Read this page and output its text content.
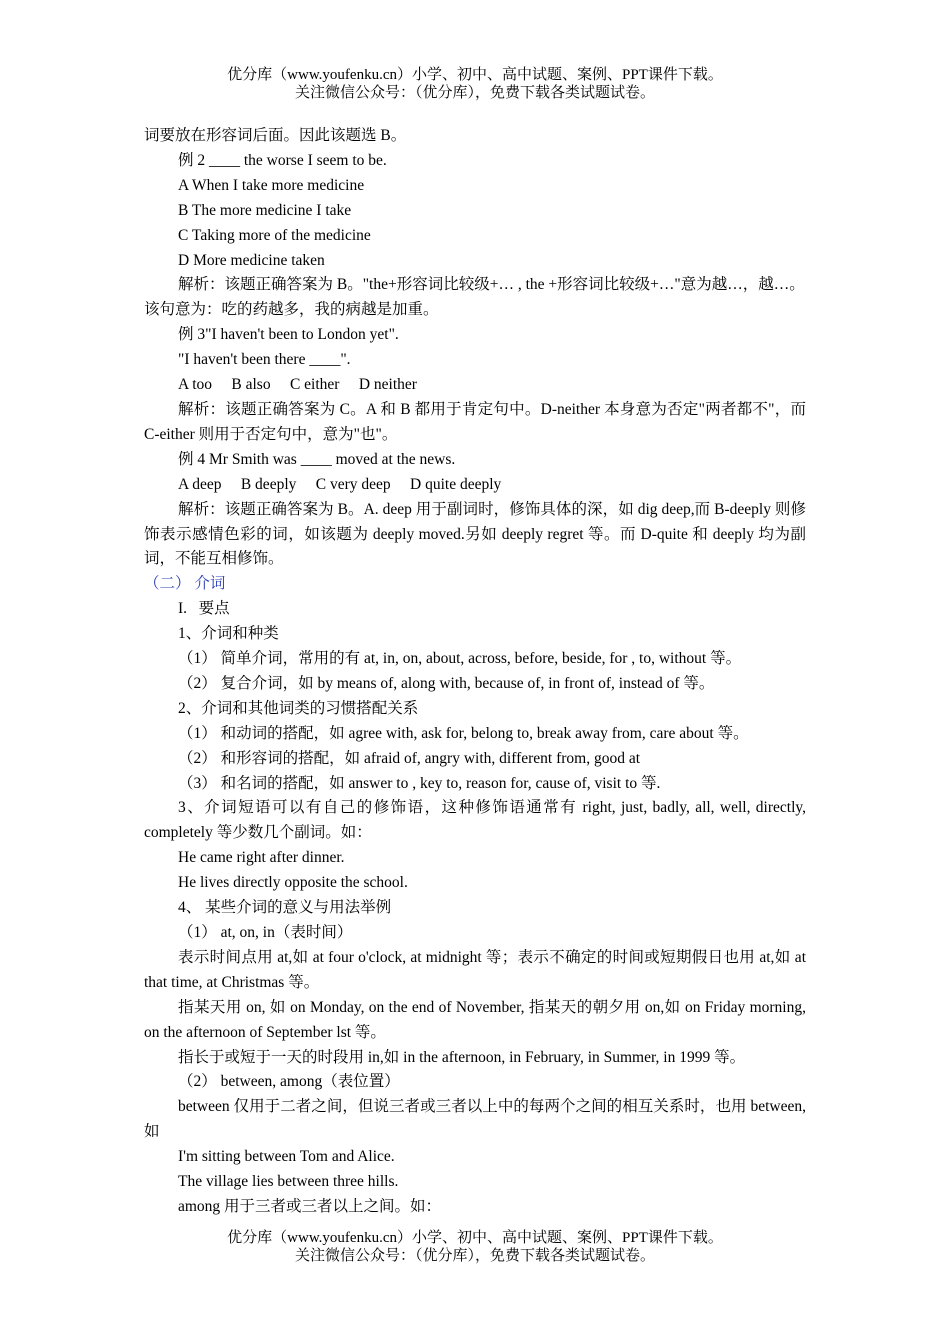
优分库（www.youfenku.cn）小学、初中、高中试题、案例、PPT课件下载。
关注微信公众号：（优分库），免费下载各类试题试卷。

词要放在形容词后面。因此该题选 B。

例 2 ____ the worse I seem to be.

A When I take more medicine

B The more medicine I take

C Taking more of the medicine

D More medicine taken

解析：该题正确答案为 B。"the+形容词比较级+… , the +形容词比较级+…"意为越…，越…。该句意为：吃的药越多，我的病越是加重。

例 3"I haven't been to London yet".

"I haven't been there ____".

A too     B also     C either     D neither

解析：该题正确答案为 C。A 和 B 都用于肯定句中。D-neither 本身意为否定"两者都不"，而 C-either 则用于否定句中，意为"也"。

例 4 Mr Smith was ____ moved at the news.

A deep     B deeply     C very deep     D quite deeply

解析：该题正确答案为 B。A. deep 用于副词时，修饰具体的深，如 dig deep,而 B-deeply 则修饰表示感情色彩的词，如该题为 deeply moved.另如 deeply regret 等。而 D-quite 和 deeply 均为副词，不能互相修饰。

（二） 介词

I.   要点

1、介词和种类

（1） 简单介词，常用的有 at, in, on, about, across, before, beside, for , to, without 等。

（2） 复合介词，如 by means of, along with, because of, in front of, instead of 等。

2、介词和其他词类的习惯搭配关系

（1） 和动词的搭配，如 agree with, ask for, belong to, break away from, care about 等。

（2） 和形容词的搭配，如 afraid of, angry with, different from, good at

（3） 和名词的搭配，如 answer to , key to, reason for, cause of, visit to 等.

3、介词短语可以有自己的修饰语，这种修饰语通常有 right, just, badly, all, well, directly, completely 等少数几个副词。如：

He came right after dinner.

He lives directly opposite the school.

4、 某些介词的意义与用法举例

（1） at, on, in（表时间）

表示时间点用 at,如 at four o'clock, at midnight 等；表示不确定的时间或短期假日也用 at,如 at that time, at Christmas 等。

指某天用 on, 如 on Monday, on the end of November, 指某天的朝夕用 on,如 on Friday morning, on the afternoon of September lst 等。

指长于或短于一天的时段用 in,如 in the afternoon, in February, in Summer, in 1999 等。

（2） between, among（表位置）

between 仅用于二者之间，但说三者或三者以上中的每两个之间的相互关系时，也用 between, 如

I'm sitting between Tom and Alice.

The village lies between three hills.

among 用于三者或三者以上之间。如：

优分库（www.youfenku.cn）小学、初中、高中试题、案例、PPT课件下载。
关注微信公众号：（优分库），免费下载各类试题试卷。
